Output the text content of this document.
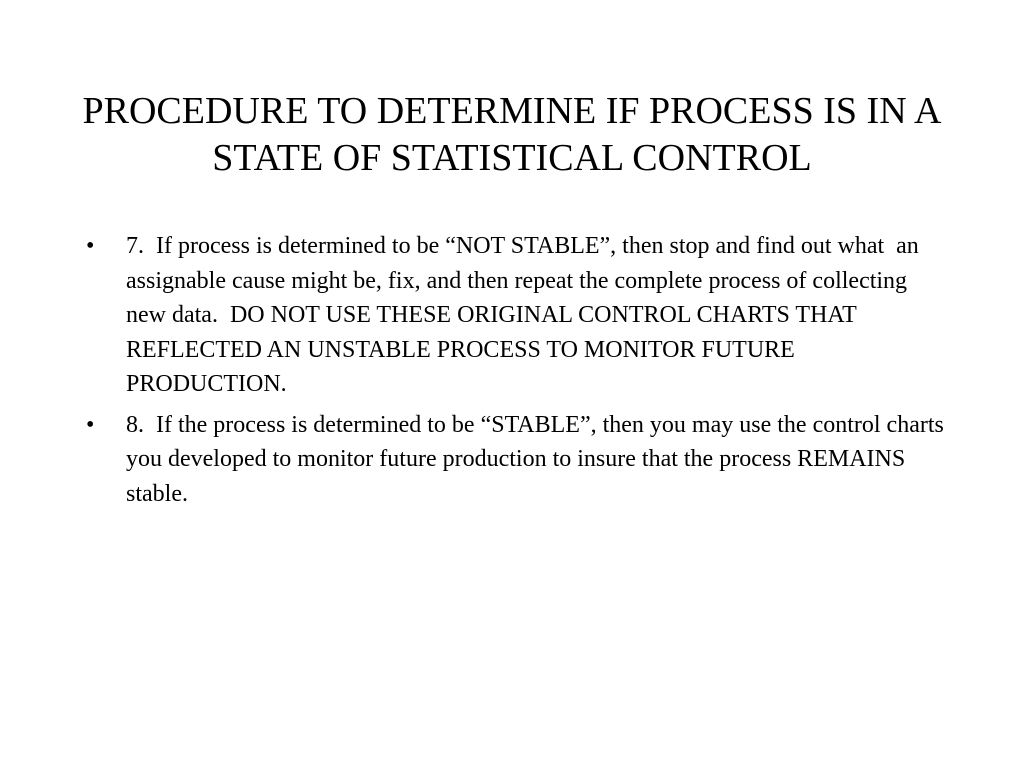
PROCEDURE TO DETERMINE IF PROCESS IS IN A STATE OF STATISTICAL CONTROL
• 7.  If process is determined to be “NOT STABLE”, then stop and find out what  an assignable cause might be, fix, and then repeat the complete process of collecting new data.  DO NOT USE THESE ORIGINAL CONTROL CHARTS THAT REFLECTED AN UNSTABLE PROCESS TO MONITOR FUTURE PRODUCTION.
• 8.  If the process is determined to be “STABLE”, then you may use the control charts you developed to monitor future production to insure that the process REMAINS  stable.
